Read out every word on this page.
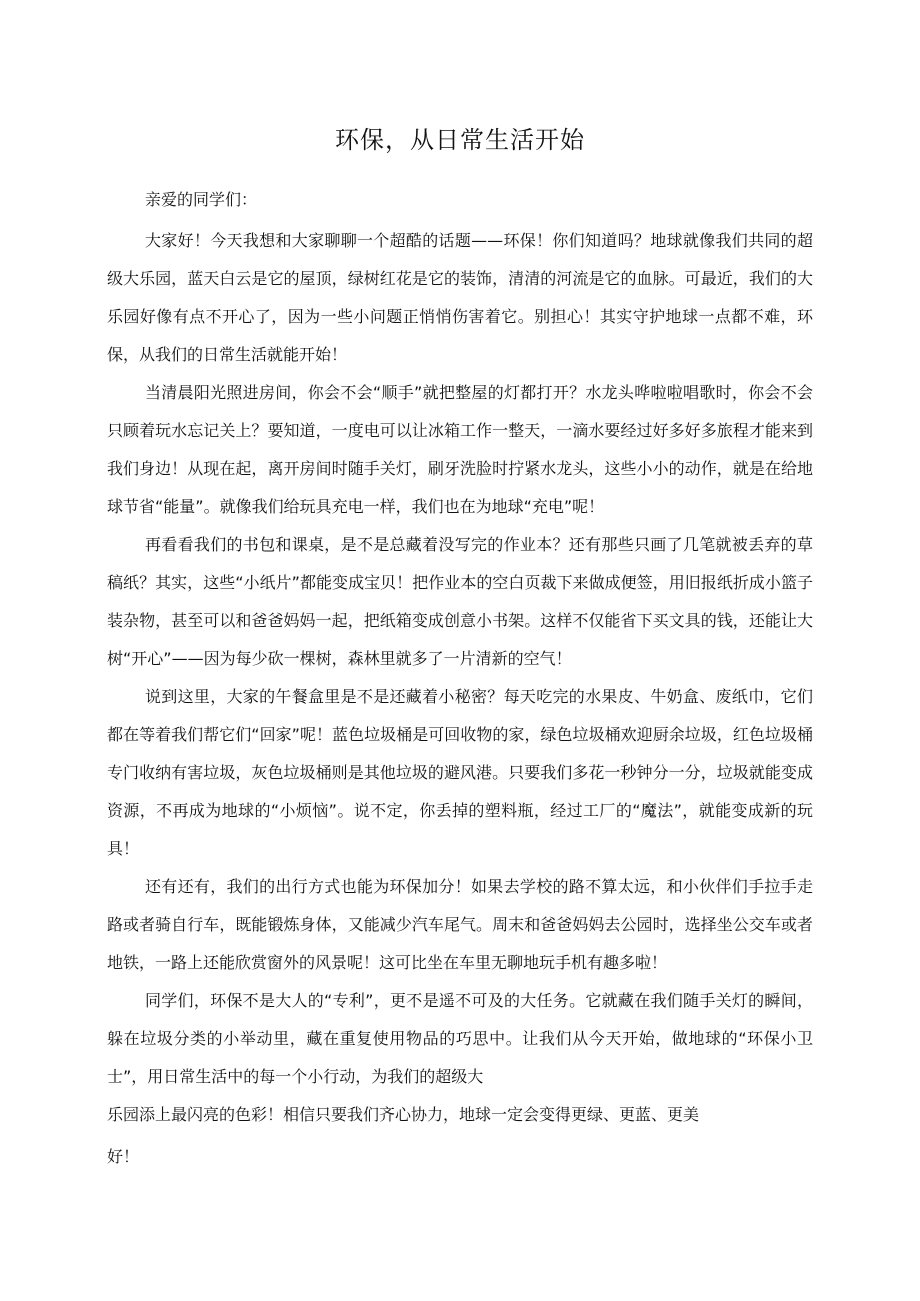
环保，从日常生活开始
亲爱的同学们：

大家好！今天我想和大家聊聊一个超酷的话题——环保！你们知道吗？地球就像我们共同的超级大乐园，蓝天白云是它的屋顶，绿树红花是它的装饰，清清的河流是它的血脉。可最近，我们的大乐园好像有点不开心了，因为一些小问题正悄悄伤害着它。别担心！其实守护地球一点都不难，环保，从我们的日常生活就能开始！

当清晨阳光照进房间，你会不会“顺手”就把整屋的灯都打开？水龙头哗啦啦唱歌时，你会不会只顾着玩水忘记关上？要知道，一度电可以让冰箱工作一整天，一滴水要经过好多好多旅程才能来到我们身边！从现在起，离开房间时随手关灯，刷牙洗脸时拧紧水龙头，这些小小的动作，就是在给地球节省“能量”。就像我们给玩具充电一样，我们也在为地球“充电”呢！

再看看我们的书包和课桌，是不是总藏着没写完的作业本？还有那些只画了几笔就被丢弃的草稿纸？其实，这些“小纸片”都能变成宝贝！把作业本的空白页裁下来做成便签，用旧报纸折成小篮子装杂物，甚至可以和爸爸妈妈一起，把纸箱变成创意小书架。这样不仅能省下买文具的钱，还能让大树“开心”——因为每少砍一棵树，森林里就多了一片清新的空气！

说到这里，大家的午餐盒里是不是还藏着小秘密？每天吃完的水果皮、牛奶盒、废纸巾，它们都在等着我们帮它们“回家”呢！蓝色垃圾桶是可回收物的家，绿色垃圾桶欢迎厨余垃圾，红色垃圾桶专门收纳有害垃圾，灰色垃圾桶则是其他垃圾的避风港。只要我们多花一秒钟分一分，垃圾就能变成资源，不再成为地球的“小烦恼”。说不定，你丢掉的塑料瓶，经过工厂的“魔法”，就能变成新的玩具！

还有还有，我们的出行方式也能为环保加分！如果去学校的路不算太远，和小伙伴们手拉手走路或者骑自行车，既能锻炼身体，又能减少汽车尾气。周末和爸爸妈妈去公园时，选择坐公交车或者地铁，一路上还能欣赏窗外的风景呢！这可比坐在车里无聊地玩手机有趣多啦！

同学们，环保不是大人的“专利”，更不是遥不可及的大任务。它就藏在我们随手关灯的瞬间，躲在垃圾分类的小举动里，藏在重复使用物品的巧思中。让我们从今天开始，做地球的“环保小卫士”，用日常生活中的每一个小行动，为我们的超级大

乐园添上最闪亮的色彩！相信只要我们齐心协力，地球一定会变得更绿、更蓝、更美

好！
